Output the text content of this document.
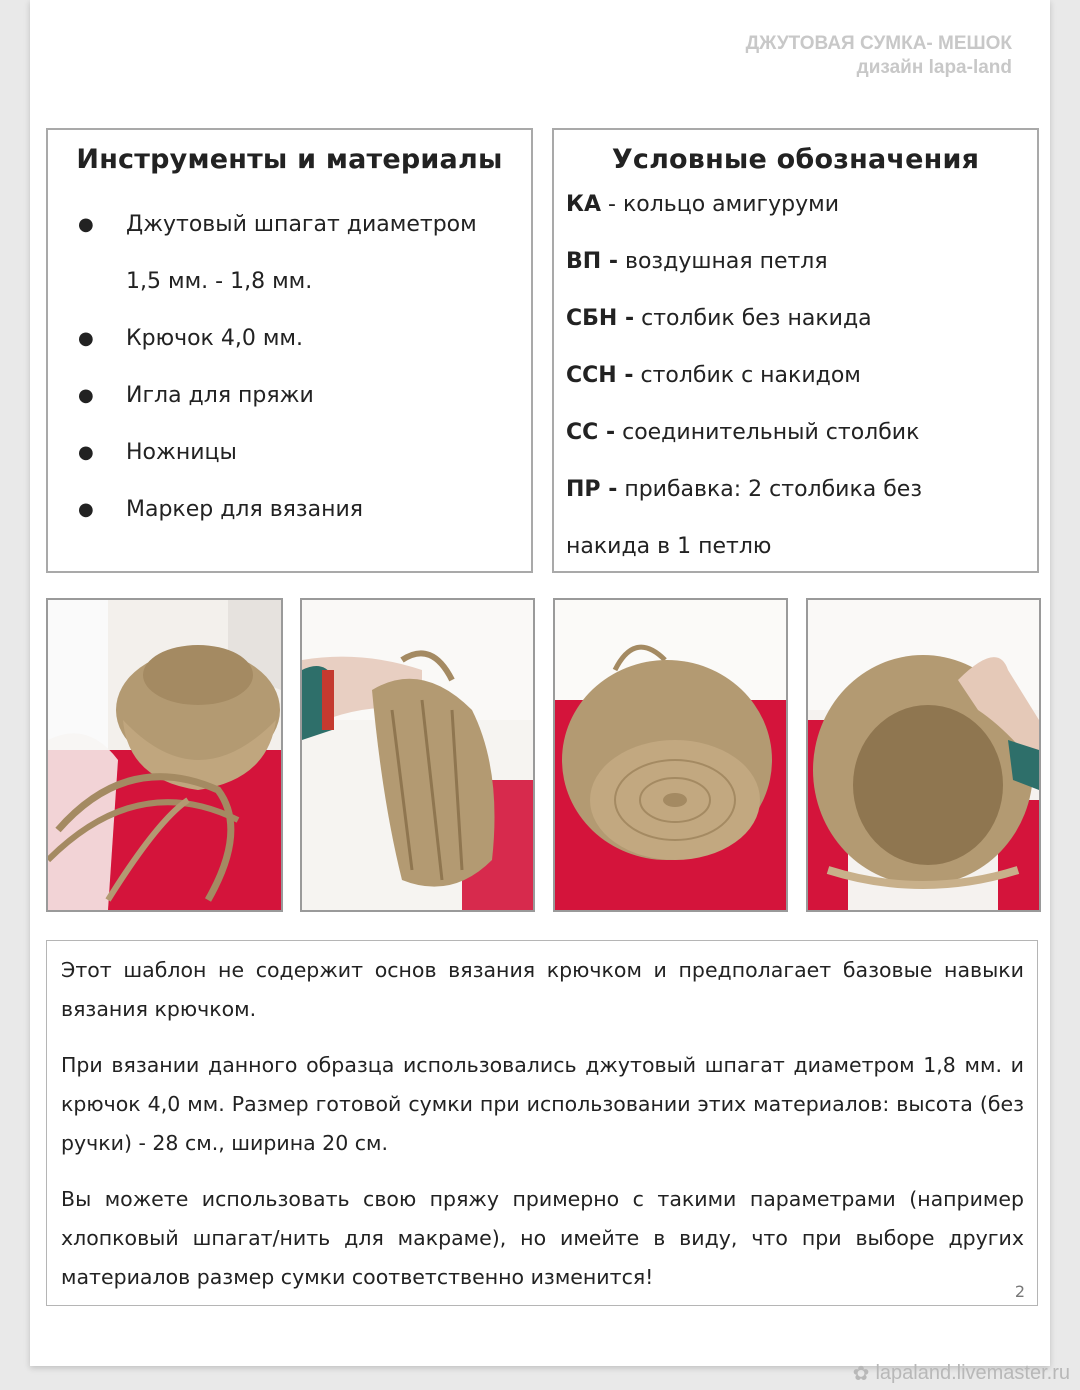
ДЖУТОВАЯ СУМКА- МЕШОК
дизайн lapa-land
Инструменты и материалы
● Джутовый шпагат диаметром
1,5 мм. - 1,8 мм.
● Крючок 4,0 мм.
● Игла для пряжи
● Ножницы
● Маркер для вязания
Условные обозначения
КА - кольцо амигуруми
ВП - воздушная петля
СБН - столбик без накида
ССН - столбик с накидом
СС - соединительный столбик
ПР - прибавка: 2 столбика без
накида в 1 петлю

Этот шаблон не содержит основ вязания крючком и предполагает базовые навыки вязания крючком.

При вязании данного образца использовались джутовый шпагат диаметром 1,8 мм. и крючок 4,0 мм. Размер готовой сумки при использовании этих материалов: высота (без ручки) - 28 см., ширина 20 см.

Вы можете использовать свою пряжу примерно с такими параметрами (например хлопковый шпагат/нить для макраме), но имейте в виду, что при выборе других материалов размер сумки соответственно изменится!

2
✿ lapaland.livemaster.ru
